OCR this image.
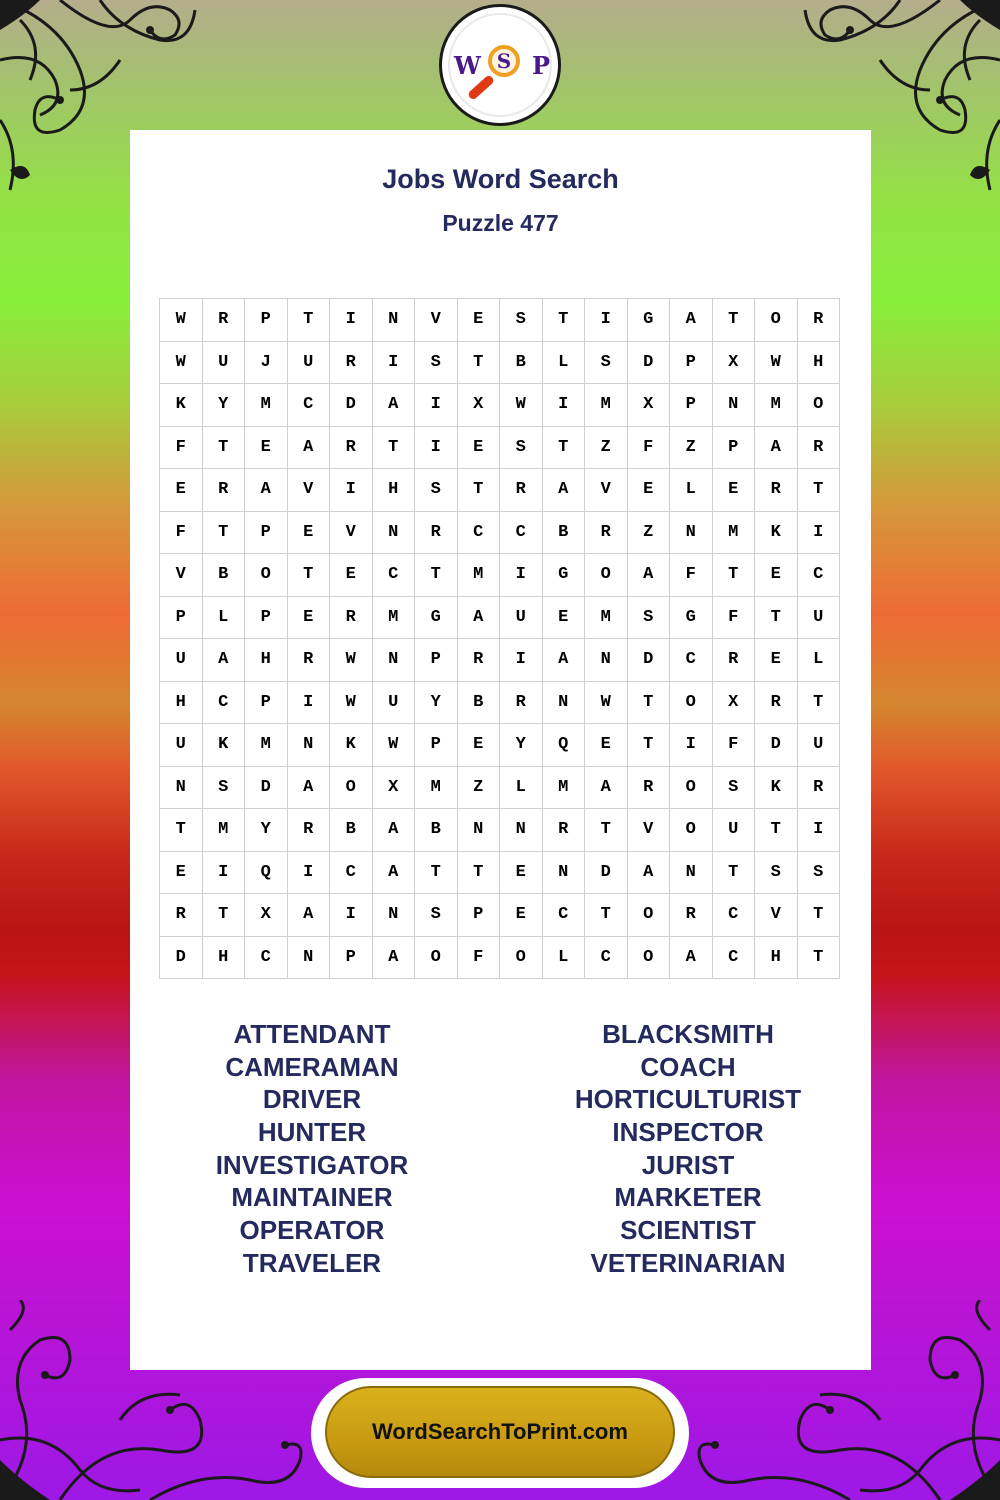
W S P
Jobs Word Search
Puzzle 477
W	R	P	T	I	N	V	E	S	T	I	G	A	T	O	R
W	U	J	U	R	I	S	T	B	L	S	D	P	X	W	H
K	Y	M	C	D	A	I	X	W	I	M	X	P	N	M	O
F	T	E	A	R	T	I	E	S	T	Z	F	Z	P	A	R
E	R	A	V	I	H	S	T	R	A	V	E	L	E	R	T
F	T	P	E	V	N	R	C	C	B	R	Z	N	M	K	I
V	B	O	T	E	C	T	M	I	G	O	A	F	T	E	C
P	L	P	E	R	M	G	A	U	E	M	S	G	F	T	U
U	A	H	R	W	N	P	R	I	A	N	D	C	R	E	L
H	C	P	I	W	U	Y	B	R	N	W	T	O	X	R	T
U	K	M	N	K	W	P	E	Y	Q	E	T	I	F	D	U
N	S	D	A	O	X	M	Z	L	M	A	R	O	S	K	R
T	M	Y	R	B	A	B	N	N	R	T	V	O	U	T	I
E	I	Q	I	C	A	T	T	E	N	D	A	N	T	S	S
R	T	X	A	I	N	S	P	E	C	T	O	R	C	V	T
D	H	C	N	P	A	O	F	O	L	C	O	A	C	H	T
ATTENDANT
CAMERAMAN
DRIVER
HUNTER
INVESTIGATOR
MAINTAINER
OPERATOR
TRAVELER
BLACKSMITH
COACH
HORTICULTURIST
INSPECTOR
JURIST
MARKETER
SCIENTIST
VETERINARIAN
WordSearchToPrint.com
